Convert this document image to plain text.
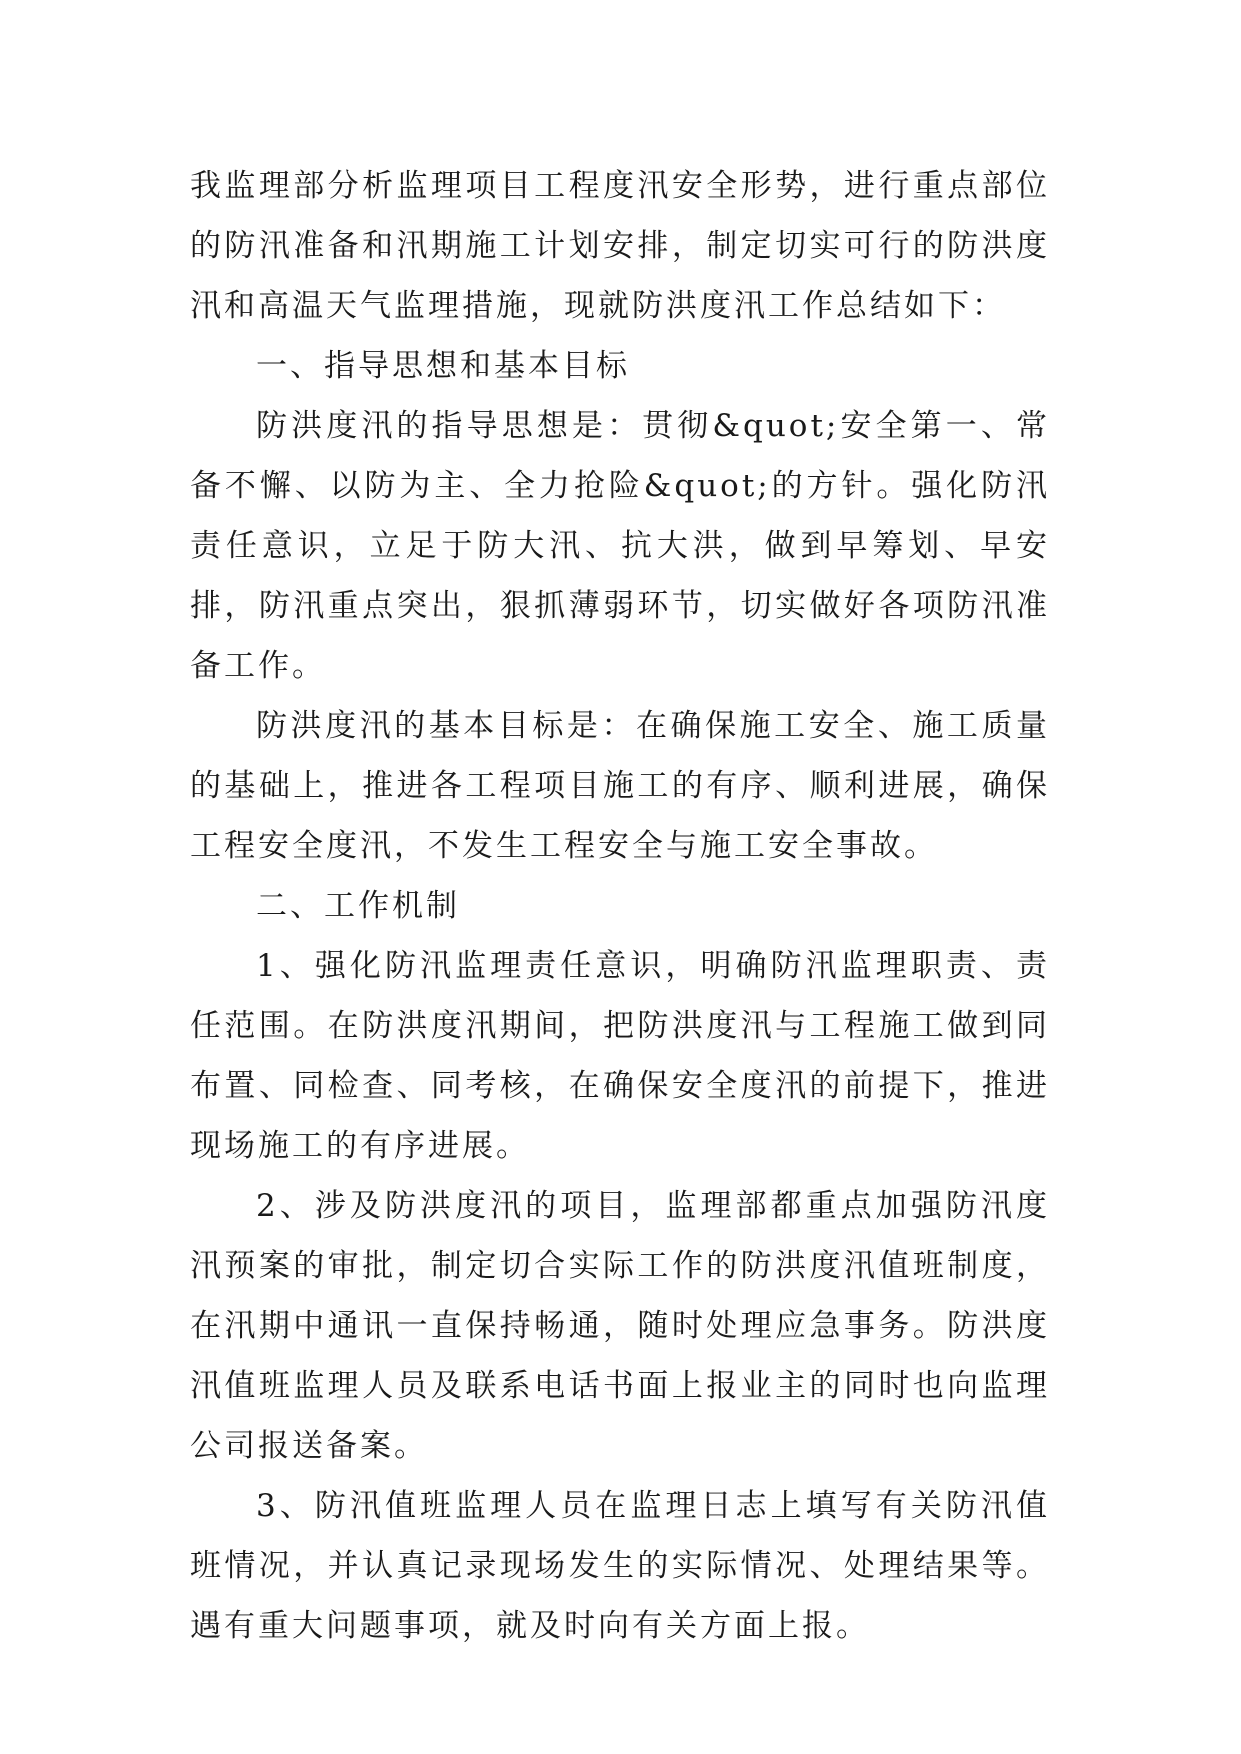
我监理部分析监理项目工程度汛安全形势，进行重点部位的防汛准备和汛期施工计划安排，制定切实可行的防洪度汛和高温天气监理措施，现就防洪度汛工作总结如下：

一、指导思想和基本目标

防洪度汛的指导思想是：贯彻&quot;安全第一、常备不懈、以防为主、全力抢险&quot;的方针。强化防汛责任意识，立足于防大汛、抗大洪，做到早筹划、早安排，防汛重点突出，狠抓薄弱环节，切实做好各项防汛准备工作。

防洪度汛的基本目标是：在确保施工安全、施工质量的基础上，推进各工程项目施工的有序、顺利进展，确保工程安全度汛，不发生工程安全与施工安全事故。

二、工作机制

1、强化防汛监理责任意识，明确防汛监理职责、责任范围。在防洪度汛期间，把防洪度汛与工程施工做到同布置、同检查、同考核，在确保安全度汛的前提下，推进现场施工的有序进展。

2、涉及防洪度汛的项目，监理部都重点加强防汛度汛预案的审批，制定切合实际工作的防洪度汛值班制度，在汛期中通讯一直保持畅通，随时处理应急事务。防洪度汛值班监理人员及联系电话书面上报业主的同时也向监理公司报送备案。

3、防汛值班监理人员在监理日志上填写有关防汛值班情况，并认真记录现场发生的实际情况、处理结果等。遇有重大问题事项，就及时向有关方面上报。
